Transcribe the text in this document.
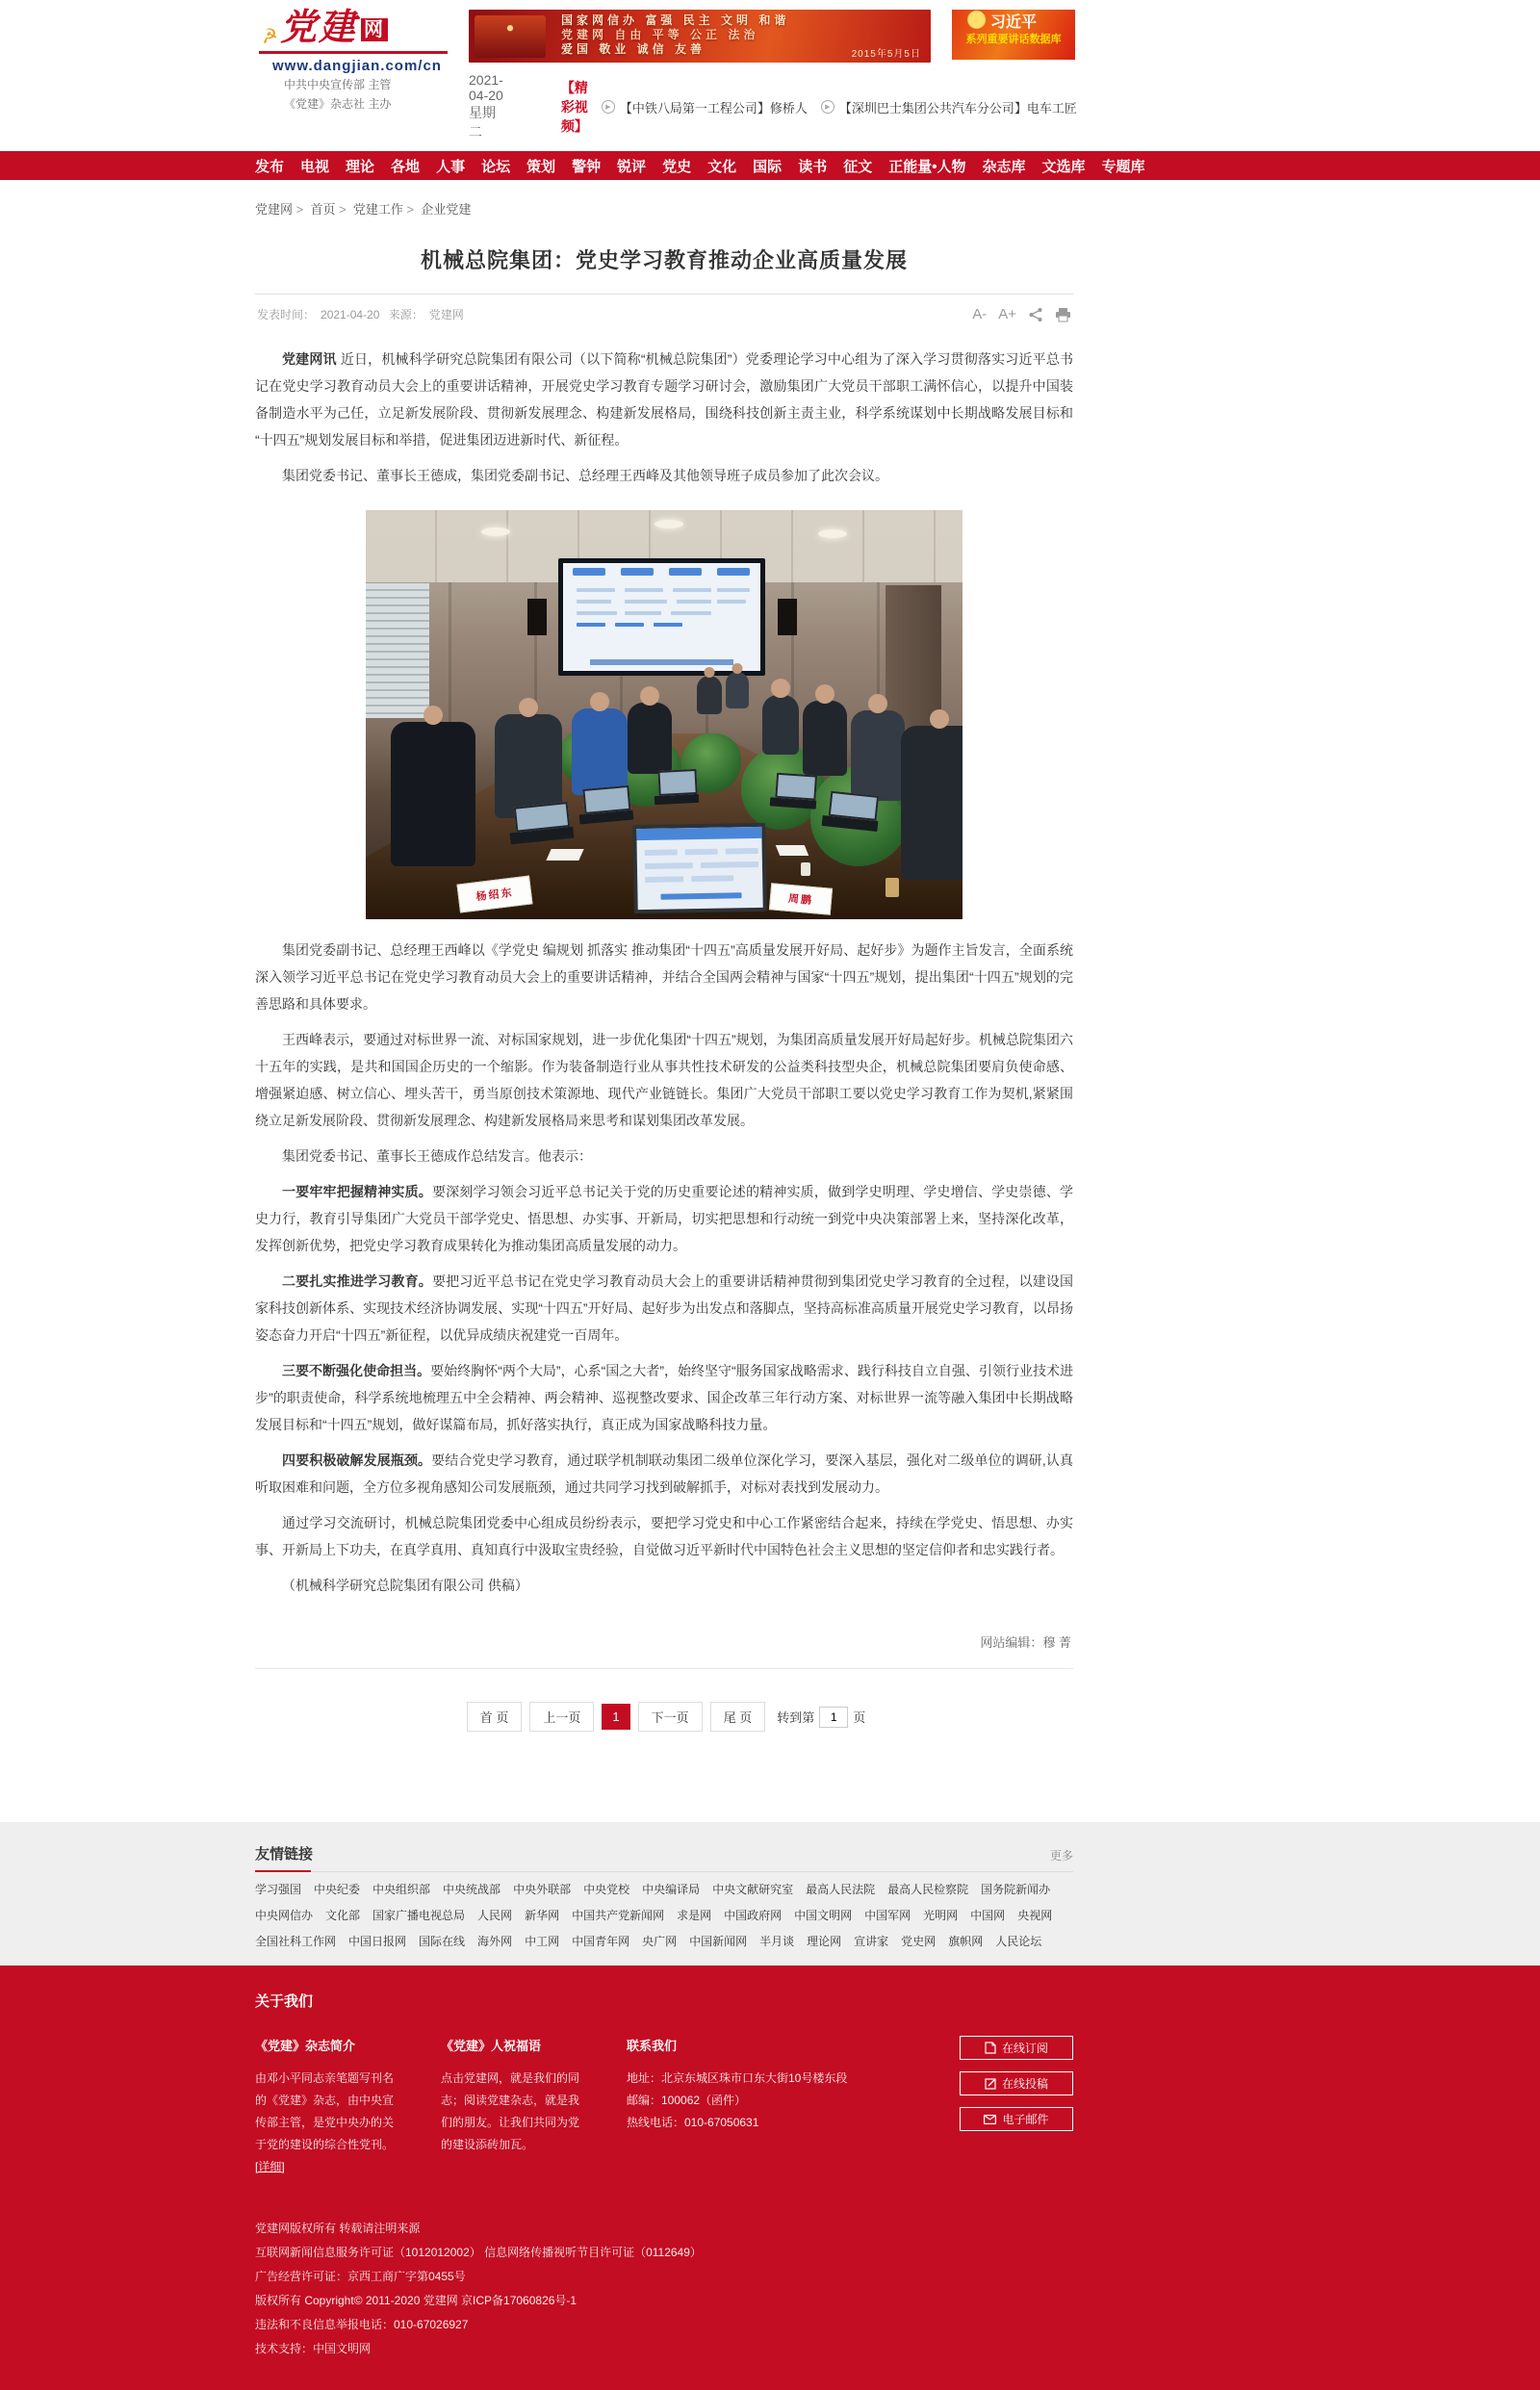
☭ 党建 网
www.dangjian.com/cn
中共中央宣传部 主管
《党建》杂志社 主办
国家网信办 富强 民主 文明 和谐
党建网 自由 平等 公正 法治
爱国 敬业 诚信 友善	2015年5月5日
习近平
系列重要讲话数据库
2021-04-20 星期二
【精彩视频】
▶ 【中铁八局第一工程公司】修桥人	▶ 【深圳巴士集团公共汽车分公司】电车工匠
发布 电视 理论 各地 人事 论坛 策划 警钟 锐评 党史 文化 国际 读书 征文 正能量•人物 杂志库 文选库 专题库
党建网 >  首页 >  党建工作 >  企业党建
机械总院集团：党史学习教育推动企业高质量发展
发表时间： 2021-04-20 来源： 党建网	A- A+

党建网讯 近日，机械科学研究总院集团有限公司（以下简称“机械总院集团”）党委理论学习中心组为了深入学习贯彻落实习近平总书记在党史学习教育动员大会上的重要讲话精神，开展党史学习教育专题学习研讨会，激励集团广大党员干部职工满怀信心，以提升中国装备制造水平为己任，立足新发展阶段、贯彻新发展理念、构建新发展格局，围绕科技创新主责主业，科学系统谋划中长期战略发展目标和“十四五”规划发展目标和举措，促进集团迈进新时代、新征程。

集团党委书记、董事长王德成，集团党委副书记、总经理王西峰及其他领导班子成员参加了此次会议。

杨绍东	周鹏

集团党委副书记、总经理王西峰以《学党史 编规划 抓落实 推动集团“十四五”高质量发展开好局、起好步》为题作主旨发言，全面系统深入领学习近平总书记在党史学习教育动员大会上的重要讲话精神，并结合全国两会精神与国家“十四五”规划，提出集团“十四五”规划的完善思路和具体要求。

王西峰表示，要通过对标世界一流、对标国家规划，进一步优化集团“十四五”规划，为集团高质量发展开好局起好步。机械总院集团六十五年的实践，是共和国国企历史的一个缩影。作为装备制造行业从事共性技术研发的公益类科技型央企，机械总院集团要肩负使命感、增强紧迫感、树立信心、埋头苦干，勇当原创技术策源地、现代产业链链长。集团广大党员干部职工要以党史学习教育工作为契机,紧紧围绕立足新发展阶段、贯彻新发展理念、构建新发展格局来思考和谋划集团改革发展。

集团党委书记、董事长王德成作总结发言。他表示：

一要牢牢把握精神实质。要深刻学习领会习近平总书记关于党的历史重要论述的精神实质，做到学史明理、学史增信、学史崇德、学史力行，教育引导集团广大党员干部学党史、悟思想、办实事、开新局，切实把思想和行动统一到党中央决策部署上来，坚持深化改革，发挥创新优势，把党史学习教育成果转化为推动集团高质量发展的动力。

二要扎实推进学习教育。要把习近平总书记在党史学习教育动员大会上的重要讲话精神贯彻到集团党史学习教育的全过程，以建设国家科技创新体系、实现技术经济协调发展、实现“十四五”开好局、起好步为出发点和落脚点，坚持高标准高质量开展党史学习教育，以昂扬姿态奋力开启“十四五”新征程，以优异成绩庆祝建党一百周年。

三要不断强化使命担当。要始终胸怀“两个大局”，心系“国之大者”，始终坚守“服务国家战略需求、践行科技自立自强、引领行业技术进步”的职责使命，科学系统地梳理五中全会精神、两会精神、巡视整改要求、国企改革三年行动方案、对标世界一流等融入集团中长期战略发展目标和“十四五”规划，做好谋篇布局，抓好落实执行，真正成为国家战略科技力量。

四要积极破解发展瓶颈。要结合党史学习教育，通过联学机制联动集团二级单位深化学习，要深入基层，强化对二级单位的调研,认真听取困难和问题，全方位多视角感知公司发展瓶颈，通过共同学习找到破解抓手，对标对表找到发展动力。

通过学习交流研讨，机械总院集团党委中心组成员纷纷表示，要把学习党史和中心工作紧密结合起来，持续在学党史、悟思想、办实事、开新局上下功夫，在真学真用、真知真行中汲取宝贵经验，自觉做习近平新时代中国特色社会主义思想的坚定信仰者和忠实践行者。

（机械科学研究总院集团有限公司 供稿）

网站编辑：穆 菁
首 页	上一页	1	下一页	尾 页	转到第
1	页
友情链接	更多
学习强国 中央纪委 中央组织部 中央统战部 中央外联部 中央党校 中央编译局 中央文献研究室 最高人民法院 最高人民检察院 国务院新闻办
中央网信办 文化部 国家广播电视总局 人民网 新华网 中国共产党新闻网 求是网 中国政府网 中国文明网 中国军网 光明网 中国网 央视网
全国社科工作网 中国日报网 国际在线 海外网 中工网 中国青年网 央广网 中国新闻网 半月谈 理论网 宣讲家 党史网 旗帜网 人民论坛
关于我们
《党建》杂志简介

由邓小平同志亲笔题写刊名的《党建》杂志，由中央宣传部主管，是党中央办的关于党的建设的综合性党刊。[详细]

《党建》人祝福语

点击党建网，就是我们的同志；阅读党建杂志，就是我们的朋友。让我们共同为党的建设添砖加瓦。

联系我们
地址：北京东城区珠市口东大街10号楼东段
邮编：100062（函件）
热线电话：010-67050631
在线订阅
在线投稿
电子邮件

党建网版权所有 转载请注明来源

互联网新闻信息服务许可证（1012012002） 信息网络传播视听节目许可证（0112649）

广告经营许可证：京西工商广字第0455号

版权所有 Copyright© 2011-2020 党建网 京ICP备17060826号-1

违法和不良信息举报电话：010-67026927

技术支持：中国文明网
